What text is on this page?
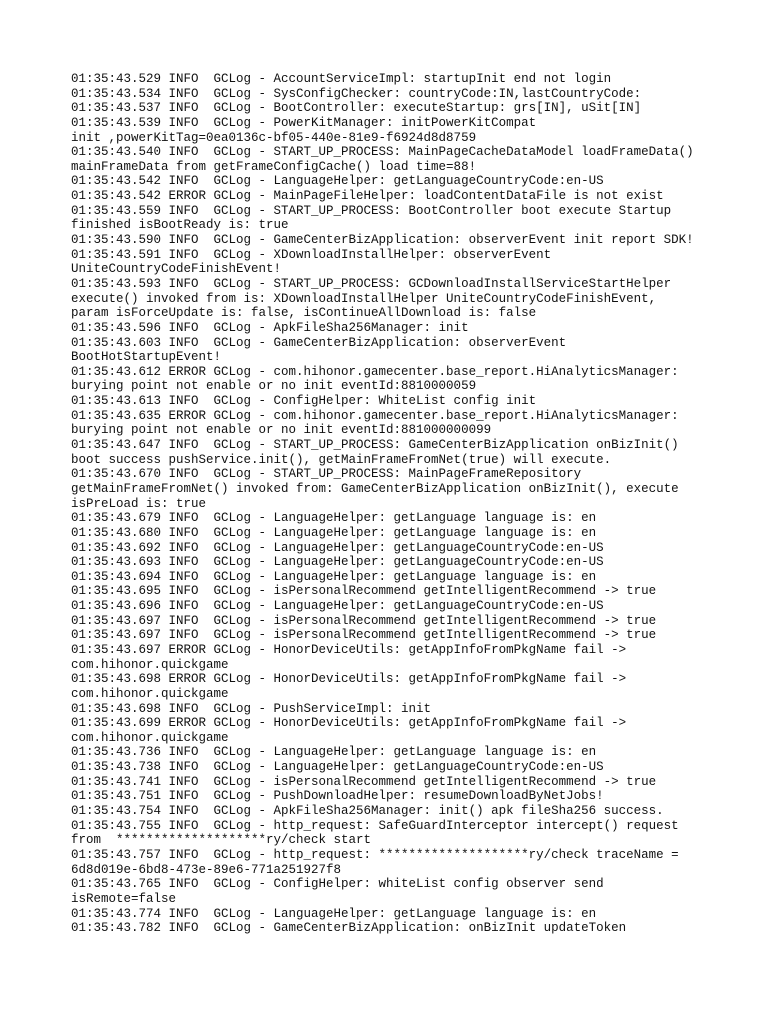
01:35:43.529 INFO  GCLog - AccountServiceImpl: startupInit end not login
01:35:43.534 INFO  GCLog - SysConfigChecker: countryCode:IN,lastCountryCode:
01:35:43.537 INFO  GCLog - BootController: executeStartup: grs[IN], uSit[IN]
01:35:43.539 INFO  GCLog - PowerKitManager: initPowerKitCompat
init ,powerKitTag=0ea0136c-bf05-440e-81e9-f6924d8d8759
01:35:43.540 INFO  GCLog - START_UP_PROCESS: MainPageCacheDataModel loadFrameData()
mainFrameData from getFrameConfigCache() load time=88!
01:35:43.542 INFO  GCLog - LanguageHelper: getLanguageCountryCode:en-US
01:35:43.542 ERROR GCLog - MainPageFileHelper: loadContentDataFile is not exist
01:35:43.559 INFO  GCLog - START_UP_PROCESS: BootController boot execute Startup
finished isBootReady is: true
01:35:43.590 INFO  GCLog - GameCenterBizApplication: observerEvent init report SDK!
01:35:43.591 INFO  GCLog - XDownloadInstallHelper: observerEvent
UniteCountryCodeFinishEvent!
01:35:43.593 INFO  GCLog - START_UP_PROCESS: GCDownloadInstallServiceStartHelper
execute() invoked from is: XDownloadInstallHelper UniteCountryCodeFinishEvent,
param isForceUpdate is: false, isContinueAllDownload is: false
01:35:43.596 INFO  GCLog - ApkFileSha256Manager: init
01:35:43.603 INFO  GCLog - GameCenterBizApplication: observerEvent
BootHotStartupEvent!
01:35:43.612 ERROR GCLog - com.hihonor.gamecenter.base_report.HiAnalyticsManager:
burying point not enable or no init eventId:8810000059
01:35:43.613 INFO  GCLog - ConfigHelper: WhiteList config init
01:35:43.635 ERROR GCLog - com.hihonor.gamecenter.base_report.HiAnalyticsManager:
burying point not enable or no init eventId:881000000099
01:35:43.647 INFO  GCLog - START_UP_PROCESS: GameCenterBizApplication onBizInit()
boot success pushService.init(), getMainFrameFromNet(true) will execute.
01:35:43.670 INFO  GCLog - START_UP_PROCESS: MainPageFrameRepository
getMainFrameFromNet() invoked from: GameCenterBizApplication onBizInit(), execute
isPreLoad is: true
01:35:43.679 INFO  GCLog - LanguageHelper: getLanguage language is: en
01:35:43.680 INFO  GCLog - LanguageHelper: getLanguage language is: en
01:35:43.692 INFO  GCLog - LanguageHelper: getLanguageCountryCode:en-US
01:35:43.693 INFO  GCLog - LanguageHelper: getLanguageCountryCode:en-US
01:35:43.694 INFO  GCLog - LanguageHelper: getLanguage language is: en
01:35:43.695 INFO  GCLog - isPersonalRecommend getIntelligentRecommend -> true
01:35:43.696 INFO  GCLog - LanguageHelper: getLanguageCountryCode:en-US
01:35:43.697 INFO  GCLog - isPersonalRecommend getIntelligentRecommend -> true
01:35:43.697 INFO  GCLog - isPersonalRecommend getIntelligentRecommend -> true
01:35:43.697 ERROR GCLog - HonorDeviceUtils: getAppInfoFromPkgName fail ->
com.hihonor.quickgame
01:35:43.698 ERROR GCLog - HonorDeviceUtils: getAppInfoFromPkgName fail ->
com.hihonor.quickgame
01:35:43.698 INFO  GCLog - PushServiceImpl: init
01:35:43.699 ERROR GCLog - HonorDeviceUtils: getAppInfoFromPkgName fail ->
com.hihonor.quickgame
01:35:43.736 INFO  GCLog - LanguageHelper: getLanguage language is: en
01:35:43.738 INFO  GCLog - LanguageHelper: getLanguageCountryCode:en-US
01:35:43.741 INFO  GCLog - isPersonalRecommend getIntelligentRecommend -> true
01:35:43.751 INFO  GCLog - PushDownloadHelper: resumeDownloadByNetJobs!
01:35:43.754 INFO  GCLog - ApkFileSha256Manager: init() apk fileSha256 success.
01:35:43.755 INFO  GCLog - http_request: SafeGuardInterceptor intercept() request
from  ********************ry/check start
01:35:43.757 INFO  GCLog - http_request: ********************ry/check traceName =
6d8d019e-6bd8-473e-89e6-771a251927f8
01:35:43.765 INFO  GCLog - ConfigHelper: whiteList config observer send
isRemote=false
01:35:43.774 INFO  GCLog - LanguageHelper: getLanguage language is: en
01:35:43.782 INFO  GCLog - GameCenterBizApplication: onBizInit updateToken
